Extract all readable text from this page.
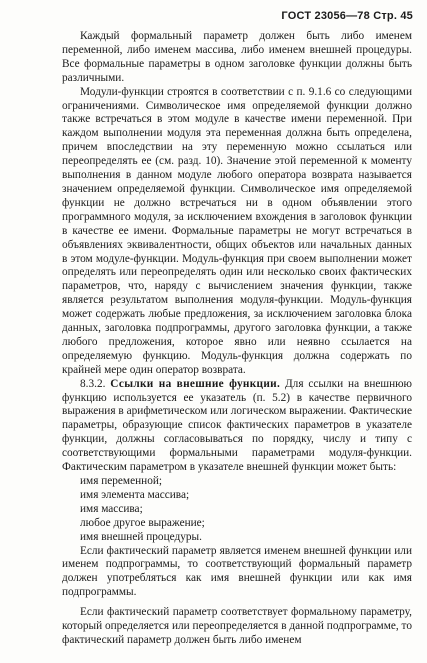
ГОСТ 23056—78 Стр. 45

Каждый формальный параметр должен быть либо именем переменной, либо именем массива, либо именем внешней процедуры. Все формальные параметры в одном заголовке функции должны быть различными.

Модули-функции строятся в соответствии с п. 9.1.6 со следующими ограничениями. Символическое имя определяемой функции должно также встречаться в этом модуле в качестве имени переменной. При каждом выполнении модуля эта переменная должна быть определена, причем впоследствии на эту переменную можно ссылаться или переопределять ее (см. разд. 10). Значение этой переменной к моменту выполнения в данном модуле любого оператора возврата называется значением определяемой функции. Символическое имя определяемой функции не должно встречаться ни в одном объявлении этого программного модуля, за исключением вхождения в заголовок функции в качестве ее имени. Формальные параметры не могут встречаться в объявлениях эквивалентности, общих объектов или начальных данных в этом модуле-функции. Модуль-функция при своем выполнении может определять или переопределять один или несколько своих фактических параметров, что, наряду с вычислением значения функции, также является результатом выполнения модуля-функции. Модуль-функция может содержать любые предложения, за исключением заголовка блока данных, заголовка подпрограммы, другого заголовка функции, а также любого предложения, которое явно или неявно ссылается на определяемую функцию. Модуль-функция должна содержать по крайней мере один оператор возврата.

8.3.2. Ссылки на внешние функции. Для ссылки на внешнюю функцию используется ее указатель (п. 5.2) в качестве первичного выражения в арифметическом или логическом выражении. Фактические параметры, образующие список фактических параметров в указателе функции, должны согласовываться по порядку, числу и типу с соответствующими формальными параметрами модуля-функции. Фактическим параметром в указателе внешней функции может быть:

имя переменной;

имя элемента массива;

имя массива;

любое другое выражение;

имя внешней процедуры.

Если фактический параметр является именем внешней функции или именем подпрограммы, то соответствующий формальный параметр должен употребляться как имя внешней функции или как имя подпрограммы.

Если фактический параметр соответствует формальному параметру, который определяется или переопределяется в данной подпрограмме, то фактический параметр должен быть либо именем
